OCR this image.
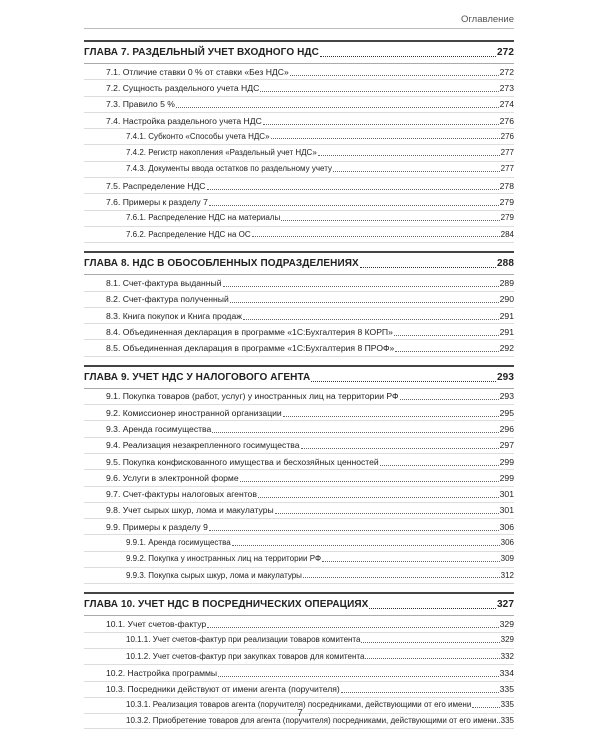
Оглавление
ГЛАВА 7. РАЗДЕЛЬНЫЙ УЧЕТ ВХОДНОГО НДС	272
7.1. Отличие ставки 0 % от ставки «Без НДС»	272
7.2. Сущность раздельного учета НДС	273
7.3. Правило 5 %	274
7.4. Настройка раздельного учета НДС	276
7.4.1. Субконто «Способы учета НДС»	276
7.4.2. Регистр накопления «Раздельный учет НДС»	277
7.4.3. Документы ввода остатков по раздельному учету	277
7.5. Распределение НДС	278
7.6. Примеры к разделу 7	279
7.6.1. Распределение НДС на материалы	279
7.6.2. Распределение НДС на ОС	284
ГЛАВА 8. НДС В ОБОСОБЛЕННЫХ ПОДРАЗДЕЛЕНИЯХ	288
8.1. Счет-фактура выданный	289
8.2. Счет-фактура полученный	290
8.3. Книга покупок и Книга продаж	291
8.4. Объединенная декларация в программе «1С:Бухгалтерия 8 КОРП»	291
8.5. Объединенная декларация в программе «1С:Бухгалтерия 8 ПРОФ»	292
ГЛАВА 9. УЧЕТ НДС У НАЛОГОВОГО АГЕНТА	293
9.1. Покупка товаров (работ, услуг) у иностранных лиц на территории РФ	293
9.2. Комиссионер иностранной организации	295
9.3. Аренда госимущества	296
9.4. Реализация незакрепленного госимущества	297
9.5. Покупка конфискованного имущества и бесхозяйных ценностей	299
9.6. Услуги в электронной форме	299
9.7. Счет-фактуры налоговых агентов	301
9.8. Учет сырых шкур, лома и макулатуры	301
9.9. Примеры к разделу 9	306
9.9.1. Аренда госимущества	306
9.9.2. Покупка у иностранных лиц на территории РФ	309
9.9.3. Покупка сырых шкур, лома и макулатуры	312
ГЛАВА 10. УЧЕТ НДС В ПОСРЕДНИЧЕСКИХ ОПЕРАЦИЯХ	327
10.1. Учет счетов-фактур	329
10.1.1. Учет счетов-фактур при реализации товаров комитента	329
10.1.2. Учет счетов-фактур при закупках товаров для комитента	332
10.2. Настройка программы	334
10.3. Посредники действуют от имени агента (поручителя)	335
10.3.1. Реализация товаров агента (поручителя) посредниками, действующими от его имени	335
10.3.2. Приобретение товаров для агента (поручителя) посредниками, действующими от его имени 335
7
